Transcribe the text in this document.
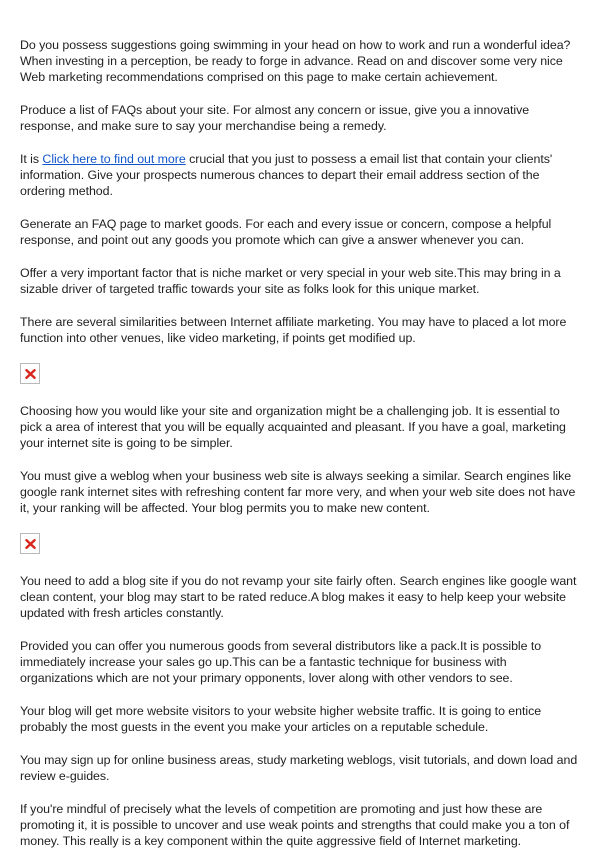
Do you possess suggestions going swimming in your head on how to work and run a wonderful idea? When investing in a perception, be ready to forge in advance. Read on and discover some very nice Web marketing recommendations comprised on this page to make certain achievement.

Produce a list of FAQs about your site. For almost any concern or issue, give you a innovative response, and make sure to say your merchandise being a remedy.

It is Click here to find out more crucial that you just to possess a email list that contain your clients' information. Give your prospects numerous chances to depart their email address section of the ordering method.

Generate an FAQ page to market goods. For each and every issue or concern, compose a helpful response, and point out any goods you promote which can give a answer whenever you can.

Offer a very important factor that is niche market or very special in your web site.This may bring in a sizable driver of targeted traffic towards your site as folks look for this unique market.

There are several similarities between Internet affiliate marketing. You may have to placed a lot more function into other venues, like video marketing, if points get modified up.

Choosing how you would like your site and organization might be a challenging job. It is essential to pick a area of interest that you will be equally acquainted and pleasant. If you have a goal, marketing your internet site is going to be simpler.

You must give a weblog when your business web site is always seeking a similar. Search engines like google rank internet sites with refreshing content far more very, and when your web site does not have it, your ranking will be affected. Your blog permits you to make new content.

You need to add a blog site if you do not revamp your site fairly often. Search engines like google want clean content, your blog may start to be rated reduce.A blog makes it easy to help keep your website updated with fresh articles constantly.

Provided you can offer you numerous goods from several distributors like a pack.It is possible to immediately increase your sales go up.This can be a fantastic technique for business with organizations which are not your primary opponents, lover along with other vendors to see.

Your blog will get more website visitors to your website higher website traffic. It is going to entice probably the most guests in the event you make your articles on a reputable schedule.

You may sign up for online business areas, study marketing weblogs, visit tutorials, and down load and review e-guides.

If you're mindful of precisely what the levels of competition are promoting and just how these are promoting it, it is possible to uncover and use weak points and strengths that could make you a ton of money. This really is a key component within the quite aggressive field of Internet marketing.
